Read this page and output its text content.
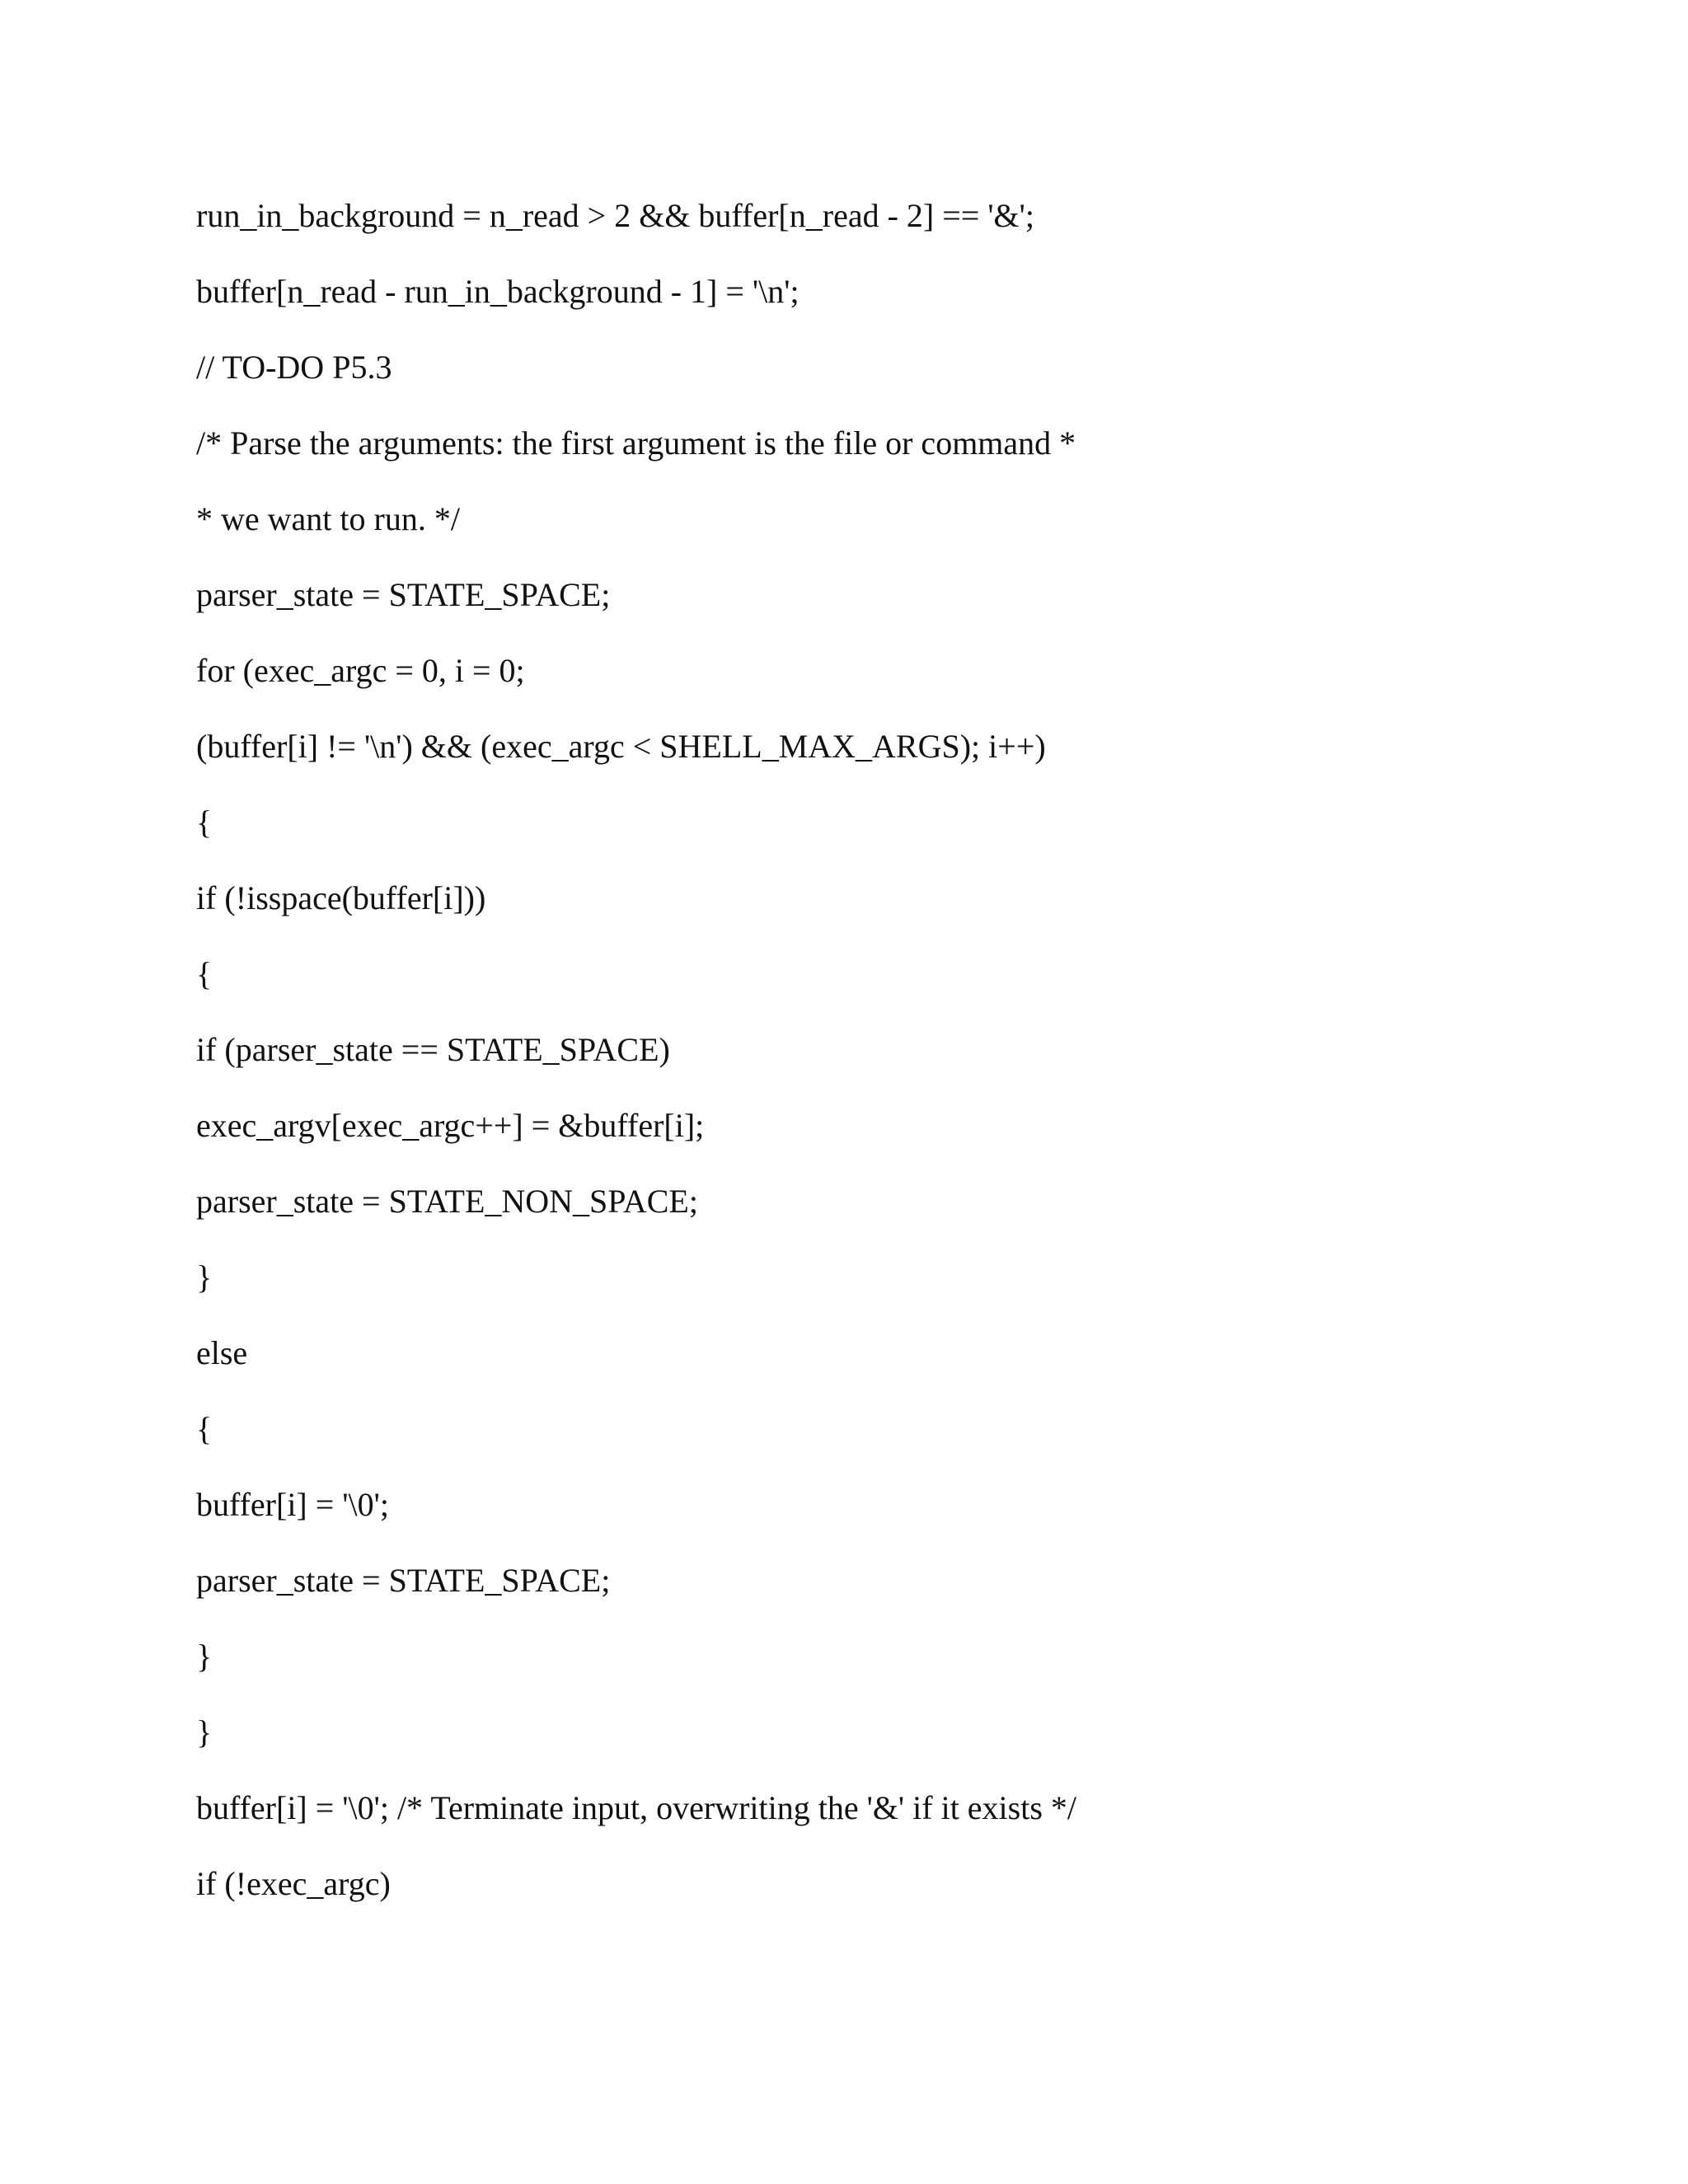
run_in_background = n_read > 2 && buffer[n_read - 2] == '&';
buffer[n_read - run_in_background - 1] = '\n';
// TO-DO P5.3
/* Parse the arguments: the first argument is the file or command *
* we want to run. */
parser_state = STATE_SPACE;
for (exec_argc = 0, i = 0;
(buffer[i] != '\n') && (exec_argc < SHELL_MAX_ARGS); i++)
{
if (!isspace(buffer[i]))
{
if (parser_state == STATE_SPACE)
exec_argv[exec_argc++] = &buffer[i];
parser_state = STATE_NON_SPACE;
}
else
{
buffer[i] = '\0';
parser_state = STATE_SPACE;
}
}
buffer[i] = '\0'; /* Terminate input, overwriting the '&' if it exists */
if (!exec_argc)
